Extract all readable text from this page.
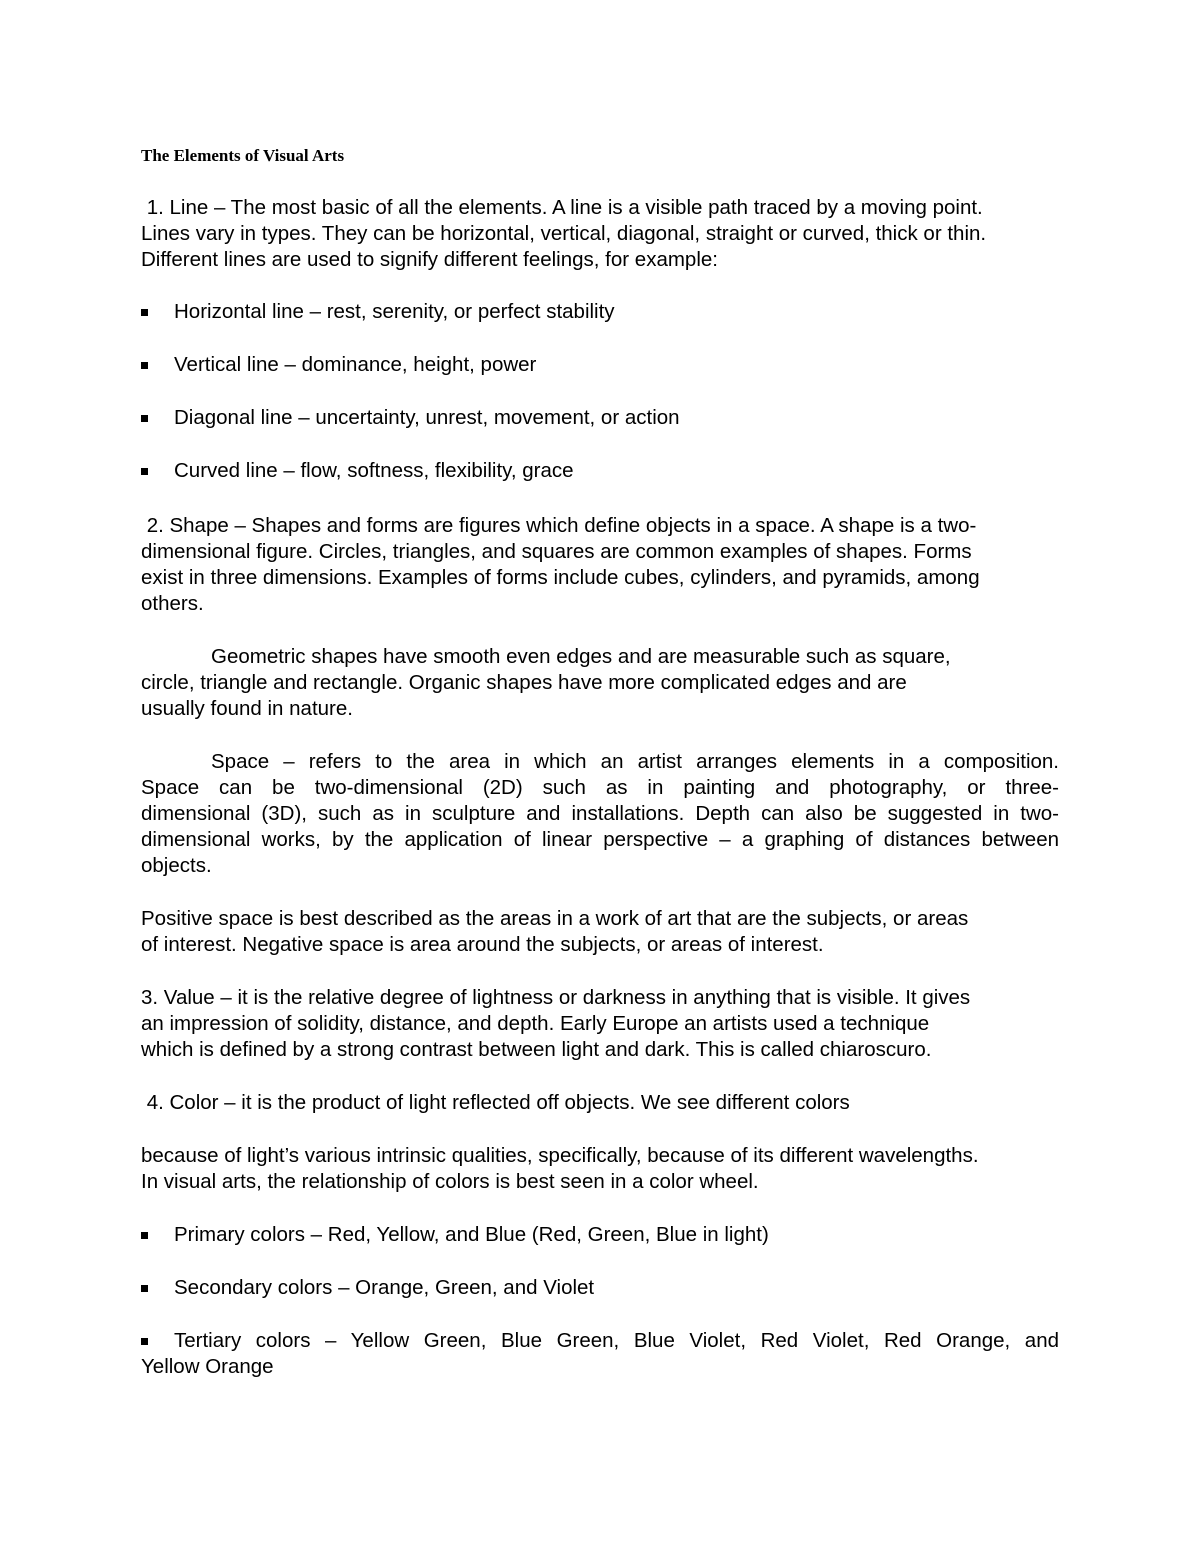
The Elements of Visual Arts

1. Line – The most basic of all the elements. A line is a visible path traced by a moving point.
Lines vary in types. They can be horizontal, vertical, diagonal, straight or curved, thick or thin.
Different lines are used to signify different feelings, for example:

Horizontal line – rest, serenity, or perfect stability
Vertical line – dominance, height, power
Diagonal line – uncertainty, unrest, movement, or action
Curved line – flow, softness, flexibility, grace

2. Shape – Shapes and forms are figures which define objects in a space. A shape is a two-
dimensional figure. Circles, triangles, and squares are common examples of shapes. Forms
exist in three dimensions. Examples of forms include cubes, cylinders, and pyramids, among
others.

Geometric shapes have smooth even edges and are measurable such as square,
circle, triangle and rectangle. Organic shapes have more complicated edges and are
usually found in nature.

Space – refers to the area in which an artist arranges elements in a composition.
Space can be two-dimensional (2D) such as in painting and photography, or three-
dimensional (3D), such as in sculpture and installations. Depth can also be suggested in two-
dimensional works, by the application of linear perspective – a graphing of distances between
objects.

Positive space is best described as the areas in a work of art that are the subjects, or areas
of interest. Negative space is area around the subjects, or areas of interest.

3. Value – it is the relative degree of lightness or darkness in anything that is visible. It gives
an impression of solidity, distance, and depth. Early Europe an artists used a technique
which is defined by a strong contrast between light and dark. This is called chiaroscuro.

4. Color – it is the product of light reflected off objects. We see different colors

because of light’s various intrinsic qualities, specifically, because of its different wavelengths.
In visual arts, the relationship of colors is best seen in a color wheel.

Primary colors – Red, Yellow, and Blue (Red, Green, Blue in light)
Secondary colors – Orange, Green, and Violet
Tertiary colors – Yellow Green, Blue Green, Blue Violet, Red Violet, Red Orange, and
Yellow Orange
